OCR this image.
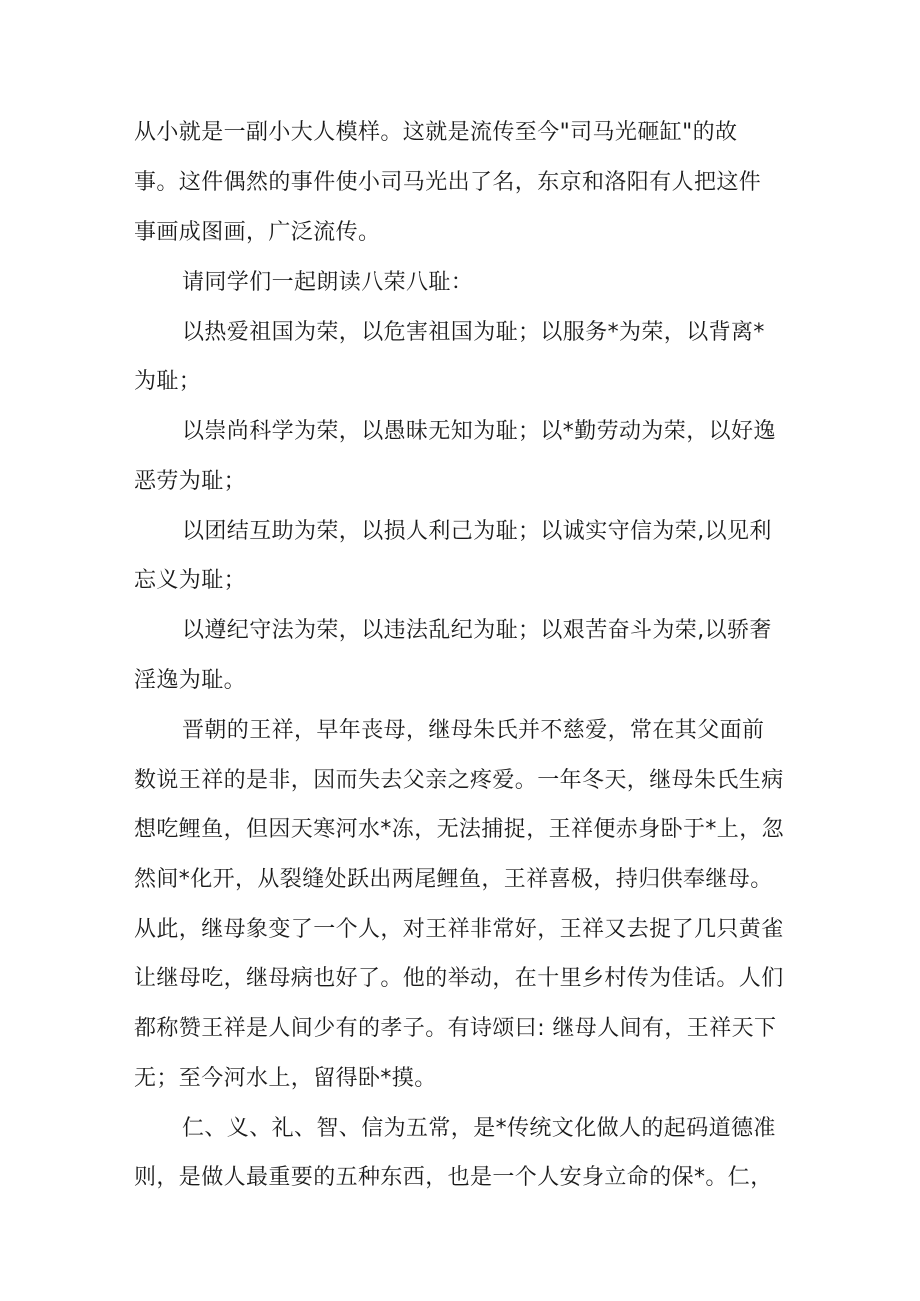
从小就是一副小大人模样。这就是流传至今"司马光砸缸"的故
事。这件偶然的事件使小司马光出了名，东京和洛阳有人把这件
事画成图画，广泛流传。
请同学们一起朗读八荣八耻：
以热爱祖国为荣，以危害祖国为耻；以服务*为荣，以背离*
为耻；
以崇尚科学为荣，以愚昧无知为耻；以*勤劳动为荣，以好逸
恶劳为耻；
以团结互助为荣，以损人利己为耻；以诚实守信为荣,以见利
忘义为耻；
以遵纪守法为荣，以违法乱纪为耻；以艰苦奋斗为荣,以骄奢
淫逸为耻。
晋朝的王祥，早年丧母，继母朱氏并不慈爱，常在其父面前
数说王祥的是非，因而失去父亲之疼爱。一年冬天，继母朱氏生病
想吃鲤鱼，但因天寒河水*冻，无法捕捉，王祥便赤身卧于*上，忽
然间*化开，从裂缝处跃出两尾鲤鱼，王祥喜极，持归供奉继母。
从此，继母象变了一个人，对王祥非常好，王祥又去捉了几只黄雀
让继母吃，继母病也好了。他的举动，在十里乡村传为佳话。人们
都称赞王祥是人间少有的孝子。有诗颂曰: 继母人间有，王祥天下
无；至今河水上，留得卧*摸。
仁、义、礼、智、信为五常，是*传统文化做人的起码道德准
则，是做人最重要的五种东西，也是一个人安身立命的保*。仁，
